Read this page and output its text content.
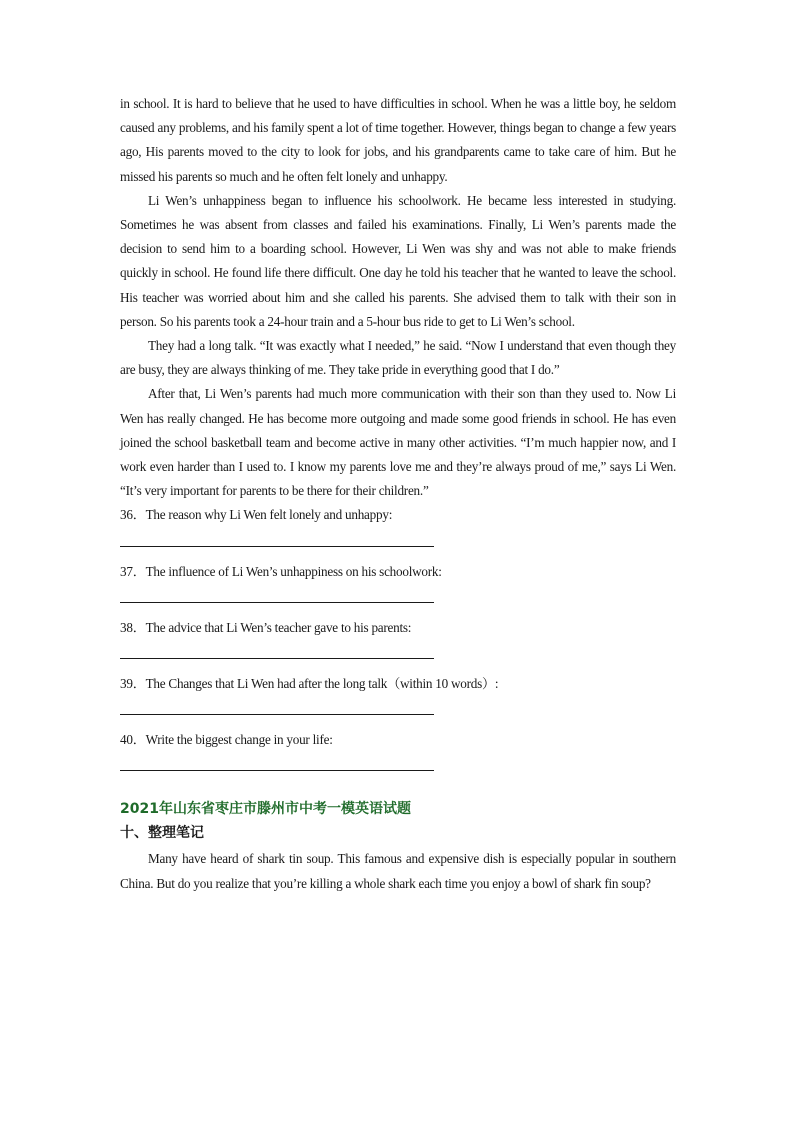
in school. It is hard to believe that he used to have difficulties in school. When he was a little boy, he seldom caused any problems, and his family spent a lot of time together. However, things began to change a few years ago, His parents moved to the city to look for jobs, and his grandparents came to take care of him. But he missed his parents so much and he often felt lonely and unhappy.

Li Wen’s unhappiness began to influence his schoolwork. He became less interested in studying. Sometimes he was absent from classes and failed his examinations. Finally, Li Wen’s parents made the decision to send him to a boarding school. However, Li Wen was shy and was not able to make friends quickly in school. He found life there difficult. One day he told his teacher that he wanted to leave the school. His teacher was worried about him and she called his parents. She advised them to talk with their son in person. So his parents took a 24-hour train and a 5-hour bus ride to get to Li Wen’s school.

They had a long talk. “It was exactly what I needed,” he said. “Now I understand that even though they are busy, they are always thinking of me. They take pride in everything good that I do.”

After that, Li Wen’s parents had much more communication with their son than they used to. Now Li Wen has really changed. He has become more outgoing and made some good friends in school. He has even joined the school basketball team and become active in many other activities. “I’m much happier now, and I work even harder than I used to. I know my parents love me and they’re always proud of me,” says Li Wen. “It’s very important for parents to be there for their children.”

36．The reason why Li Wen felt lonely and unhappy:

37．The influence of Li Wen’s unhappiness on his schoolwork:

38．The advice that Li Wen’s teacher gave to his parents:

39．The Changes that Li Wen had after the long talk（within 10 words）:

40．Write the biggest change in your life:

2021年山东省枣庄市滕州市中考一模英语试题
十、整理笔记

Many have heard of shark tin soup. This famous and expensive dish is especially popular in southern China. But do you realize that you’re killing a whole shark each time you enjoy a bowl of shark fin soup?
